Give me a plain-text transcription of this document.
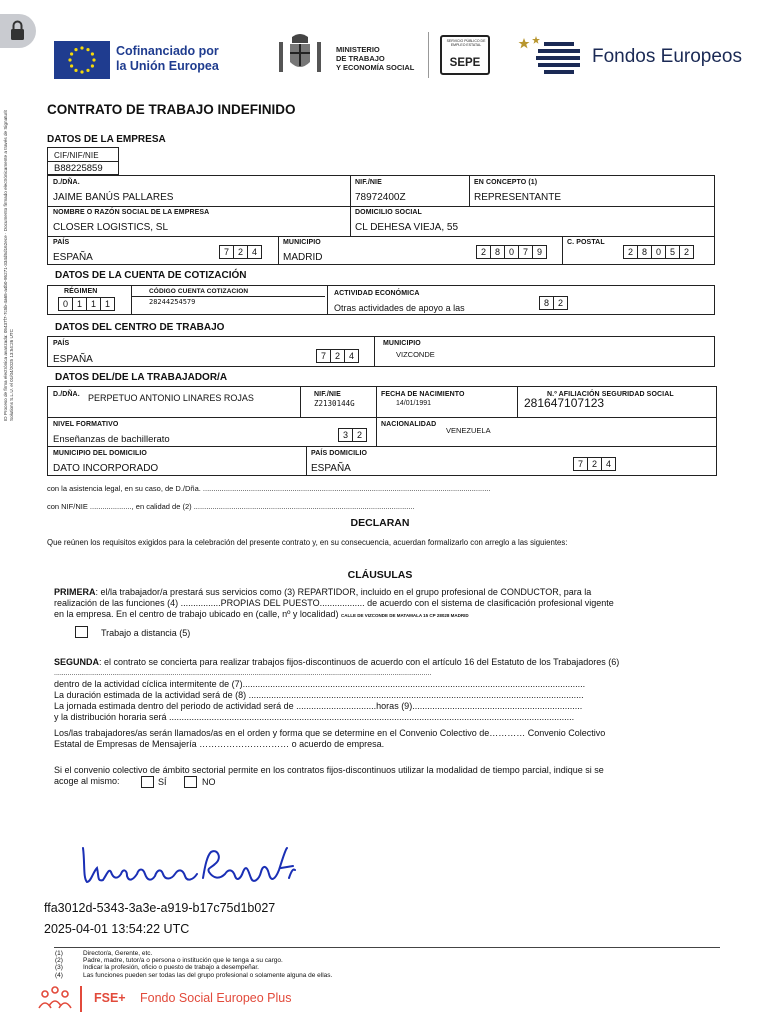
ID Proceso de firma electrónica avanzada: 05437f7-7c5b-4a65-a4b0-95271-334d5d162ece · Documento firmado electrónicamente a través de Signaturit Solutions S.L.U. el 01/04/2025 13:54:26 UTC
Cofinanciado por
la Unión Europea
MINISTERIO
DE TRABAJO
Y ECONOMÍA SOCIAL
SERVICIO PÚBLICO DE EMPLEO ESTATAL
SEPE	Fondos Europeos
CONTRATO DE TRABAJO INDEFINIDO
DATOS DE LA EMPRESA
CIF/NIF/NIE
B88225859
D./DÑA.
JAIME BANÚS PALLARES
NIF./NIE
78972400Z
EN CONCEPTO (1)
REPRESENTANTE
NOMBRE O RAZÓN SOCIAL DE LA EMPRESA
CLOSER LOGISTICS, SL
DOMICILIO SOCIAL
CL DEHESA VIEJA, 55
PAÍS
ESPAÑA	7 2 4
MUNICIPIO
MADRID	2 8 0 7 9
C. POSTAL
2 8 0 5 2
DATOS DE LA CUENTA DE COTIZACIÓN
RÉGIMEN
0 1 1 1
CÓDIGO CUENTA COTIZACION
28244254579
ACTIVIDAD ECONÓMICA
Otras actividades de apoyo a las	8 2
DATOS DEL CENTRO DE TRABAJO
PAÍS
ESPAÑA	7 2 4
MUNICIPIO
VIZCONDE
DATOS DEL/DE LA TRABAJADOR/A
D./DÑA. PERPETUO ANTONIO LINARES ROJAS	NIF./NIE
Z2130144G
FECHA DE NACIMIENTO
14/01/1991
N.º AFILIACIÓN SEGURIDAD SOCIAL
281647107123
NIVEL FORMATIVO
Enseñanzas de bachillerato	3 2
NACIONALIDAD
VENEZUELA
MUNICIPIO DEL DOMICILIO
DATO INCORPORADO
PAÍS DOMICILIO
ESPAÑA	7 2 4
con la asistencia legal, en su caso, de D./Dña. ..........................................................................................................................................
con NIF/NIE ...................., en calidad de (2) ..........................................................................................................
DECLARAN
Que reúnen los requisitos exigidos para la celebración del presente contrato y, en su consecuencia, acuerdan formalizarlo con arreglo a las siguientes:
CLÁUSULAS
PRIMERA: el/la trabajador/a prestará sus servicios como (3) REPARTIDOR, incluido en el grupo profesional de CONDUCTOR, para la
realización de las funciones (4) ................PROPIAS DEL PUESTO.................. de acuerdo con el sistema de clasificación profesional vigente
en la empresa. En el centro de trabajo ubicado en (calle, nº y localidad) CALLE DE VIZCONDE DE MATAMALA 15 CP 28028 MADRID
Trabajo a distancia (5)
SEGUNDA: el contrato se concierta para realizar trabajos fijos-discontinuos de acuerdo con el artículo 16 del Estatuto de los Trabajadores (6)
..................................................................................................................................................................................................
dentro de la actividad cíclica intermitente de (7).........................................................................................................................................
La duración estimada de la actividad será de (8) ......................................................................................................................................
La jornada estimada dentro del periodo de actividad será de ................................horas (9)....................................................................
y la distribución horaria será ..................................................................................................................................................................
Los/las trabajadores/as serán llamados/as en el orden y forma que se determine en el Convenio Colectivo de………… Convenio Colectivo
Estatal de Empresas de Mensajería ………………………… o acuerdo de empresa.
Si el convenio colectivo de ámbito sectorial permite en los contratos fijos-discontinuos utilizar la modalidad de tiempo parcial, indique si se
acoge al mismo:	SÍ	NO
ffa3012d-5343-3a3e-a919-b17c75d1b027
2025-04-01 13:54:22 UTC
(1)	Director/a, Gerente, etc.
(2)	Padre, madre, tutor/a o persona o institución que le tenga a su cargo.
(3)	Indicar la profesión, oficio o puesto de trabajo a desempeñar.
(4)	Las funciones pueden ser todas las del grupo profesional o solamente alguna de ellas.
FSE+ Fondo Social Europeo Plus
